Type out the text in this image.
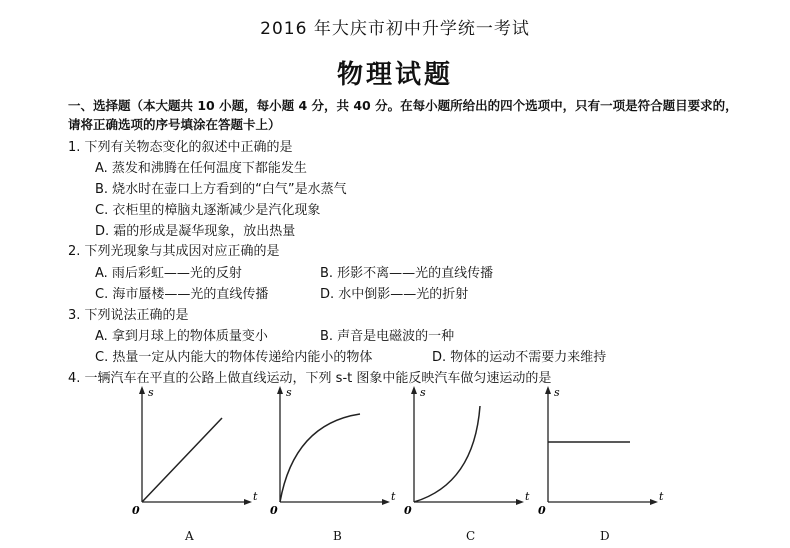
2016 年大庆市初中升学统一考试
物理试题
一、选择题（本大题共 10 小题，每小题 4 分，共 40 分。在每小题所给出的四个选项中，只有一项是符合题目要求的，请将正确选项的序号填涂在答题卡上）
1. 下列有关物态变化的叙述中正确的是
A. 蒸发和沸腾在任何温度下都能发生
B. 烧水时在壶口上方看到的“白气”是水蒸气
C. 衣柜里的樟脑丸逐渐减少是汽化现象
D. 霜的形成是凝华现象，放出热量
2. 下列光现象与其成因对应正确的是
A. 雨后彩虹——光的反射	B. 形影不离——光的直线传播
C. 海市蜃楼——光的直线传播	D. 水中倒影——光的折射
3. 下列说法正确的是
A. 拿到月球上的物体质量变小	B. 声音是电磁波的一种
C. 热量一定从内能大的物体传递给内能小的物体	D. 物体的运动不需要力来维持
4. 一辆汽车在平直的公路上做直线运动，下列 s-t 图象中能反映汽车做匀速运动的是
s
t
0
A
s
t
0
B
s
t
0
C
s
t
0
D
